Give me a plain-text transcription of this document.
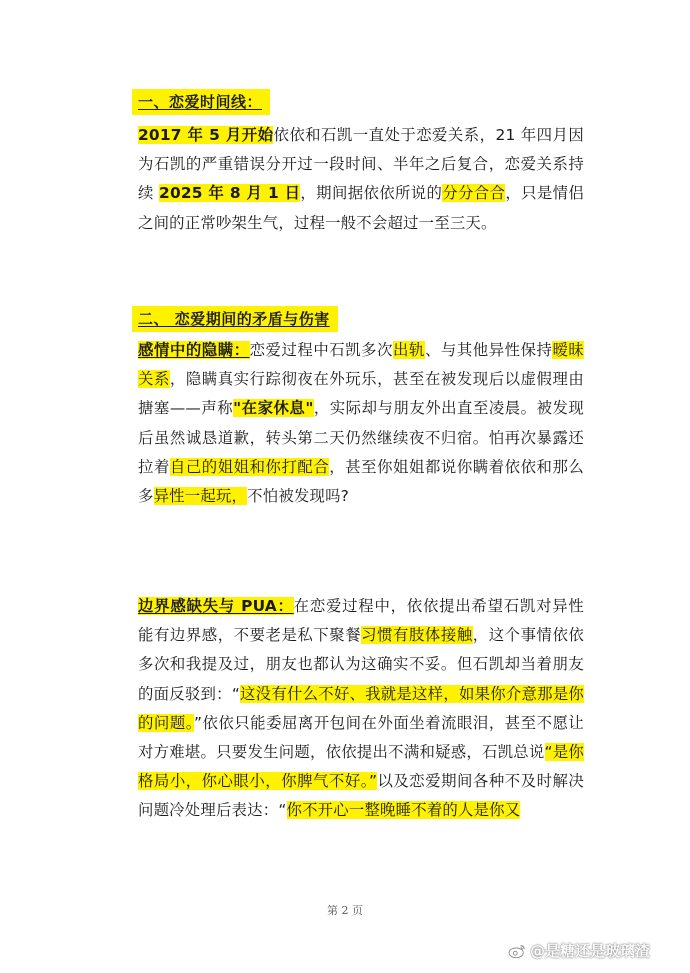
一、恋爱时间线：
2017 年 5 月开始依依和石凯一直处于恋爱关系，21 年四月因为石凯的严重错误分开过一段时间、半年之后复合，恋爱关系持续 2025 年 8 月 1 日，期间据依依所说的分分合合，只是情侣之间的正常吵架生气，过程一般不会超过一至三天。
二、 恋爱期间的矛盾与伤害
感情中的隐瞒：恋爱过程中石凯多次出轨、与其他异性保持暧昧关系，隐瞒真实行踪彻夜在外玩乐，甚至在被发现后以虚假理由搪塞——声称"在家休息"，实际却与朋友外出直至凌晨。被发现后虽然诚恳道歉，转头第二天仍然继续夜不归宿。怕再次暴露还拉着自己的姐姐和你打配合，甚至你姐姐都说你瞒着依依和那么多异性一起玩，不怕被发现吗?
边界感缺失与 PUA：在恋爱过程中，依依提出希望石凯对异性能有边界感，不要老是私下聚餐习惯有肢体接触，这个事情依依多次和我提及过，朋友也都认为这确实不妥。但石凯却当着朋友的面反驳到：“这没有什么不好、我就是这样，如果你介意那是你的问题。”依依只能委屈离开包间在外面坐着流眼泪，甚至不愿让对方难堪。只要发生问题，依依提出不满和疑惑，石凯总说“是你格局小，你心眼小，你脾气不好。”以及恋爱期间各种不及时解决问题冷处理后表达：“你不开心一整晚睡不着的人是你又
第 2 页
@是糖还是玻璃渣
